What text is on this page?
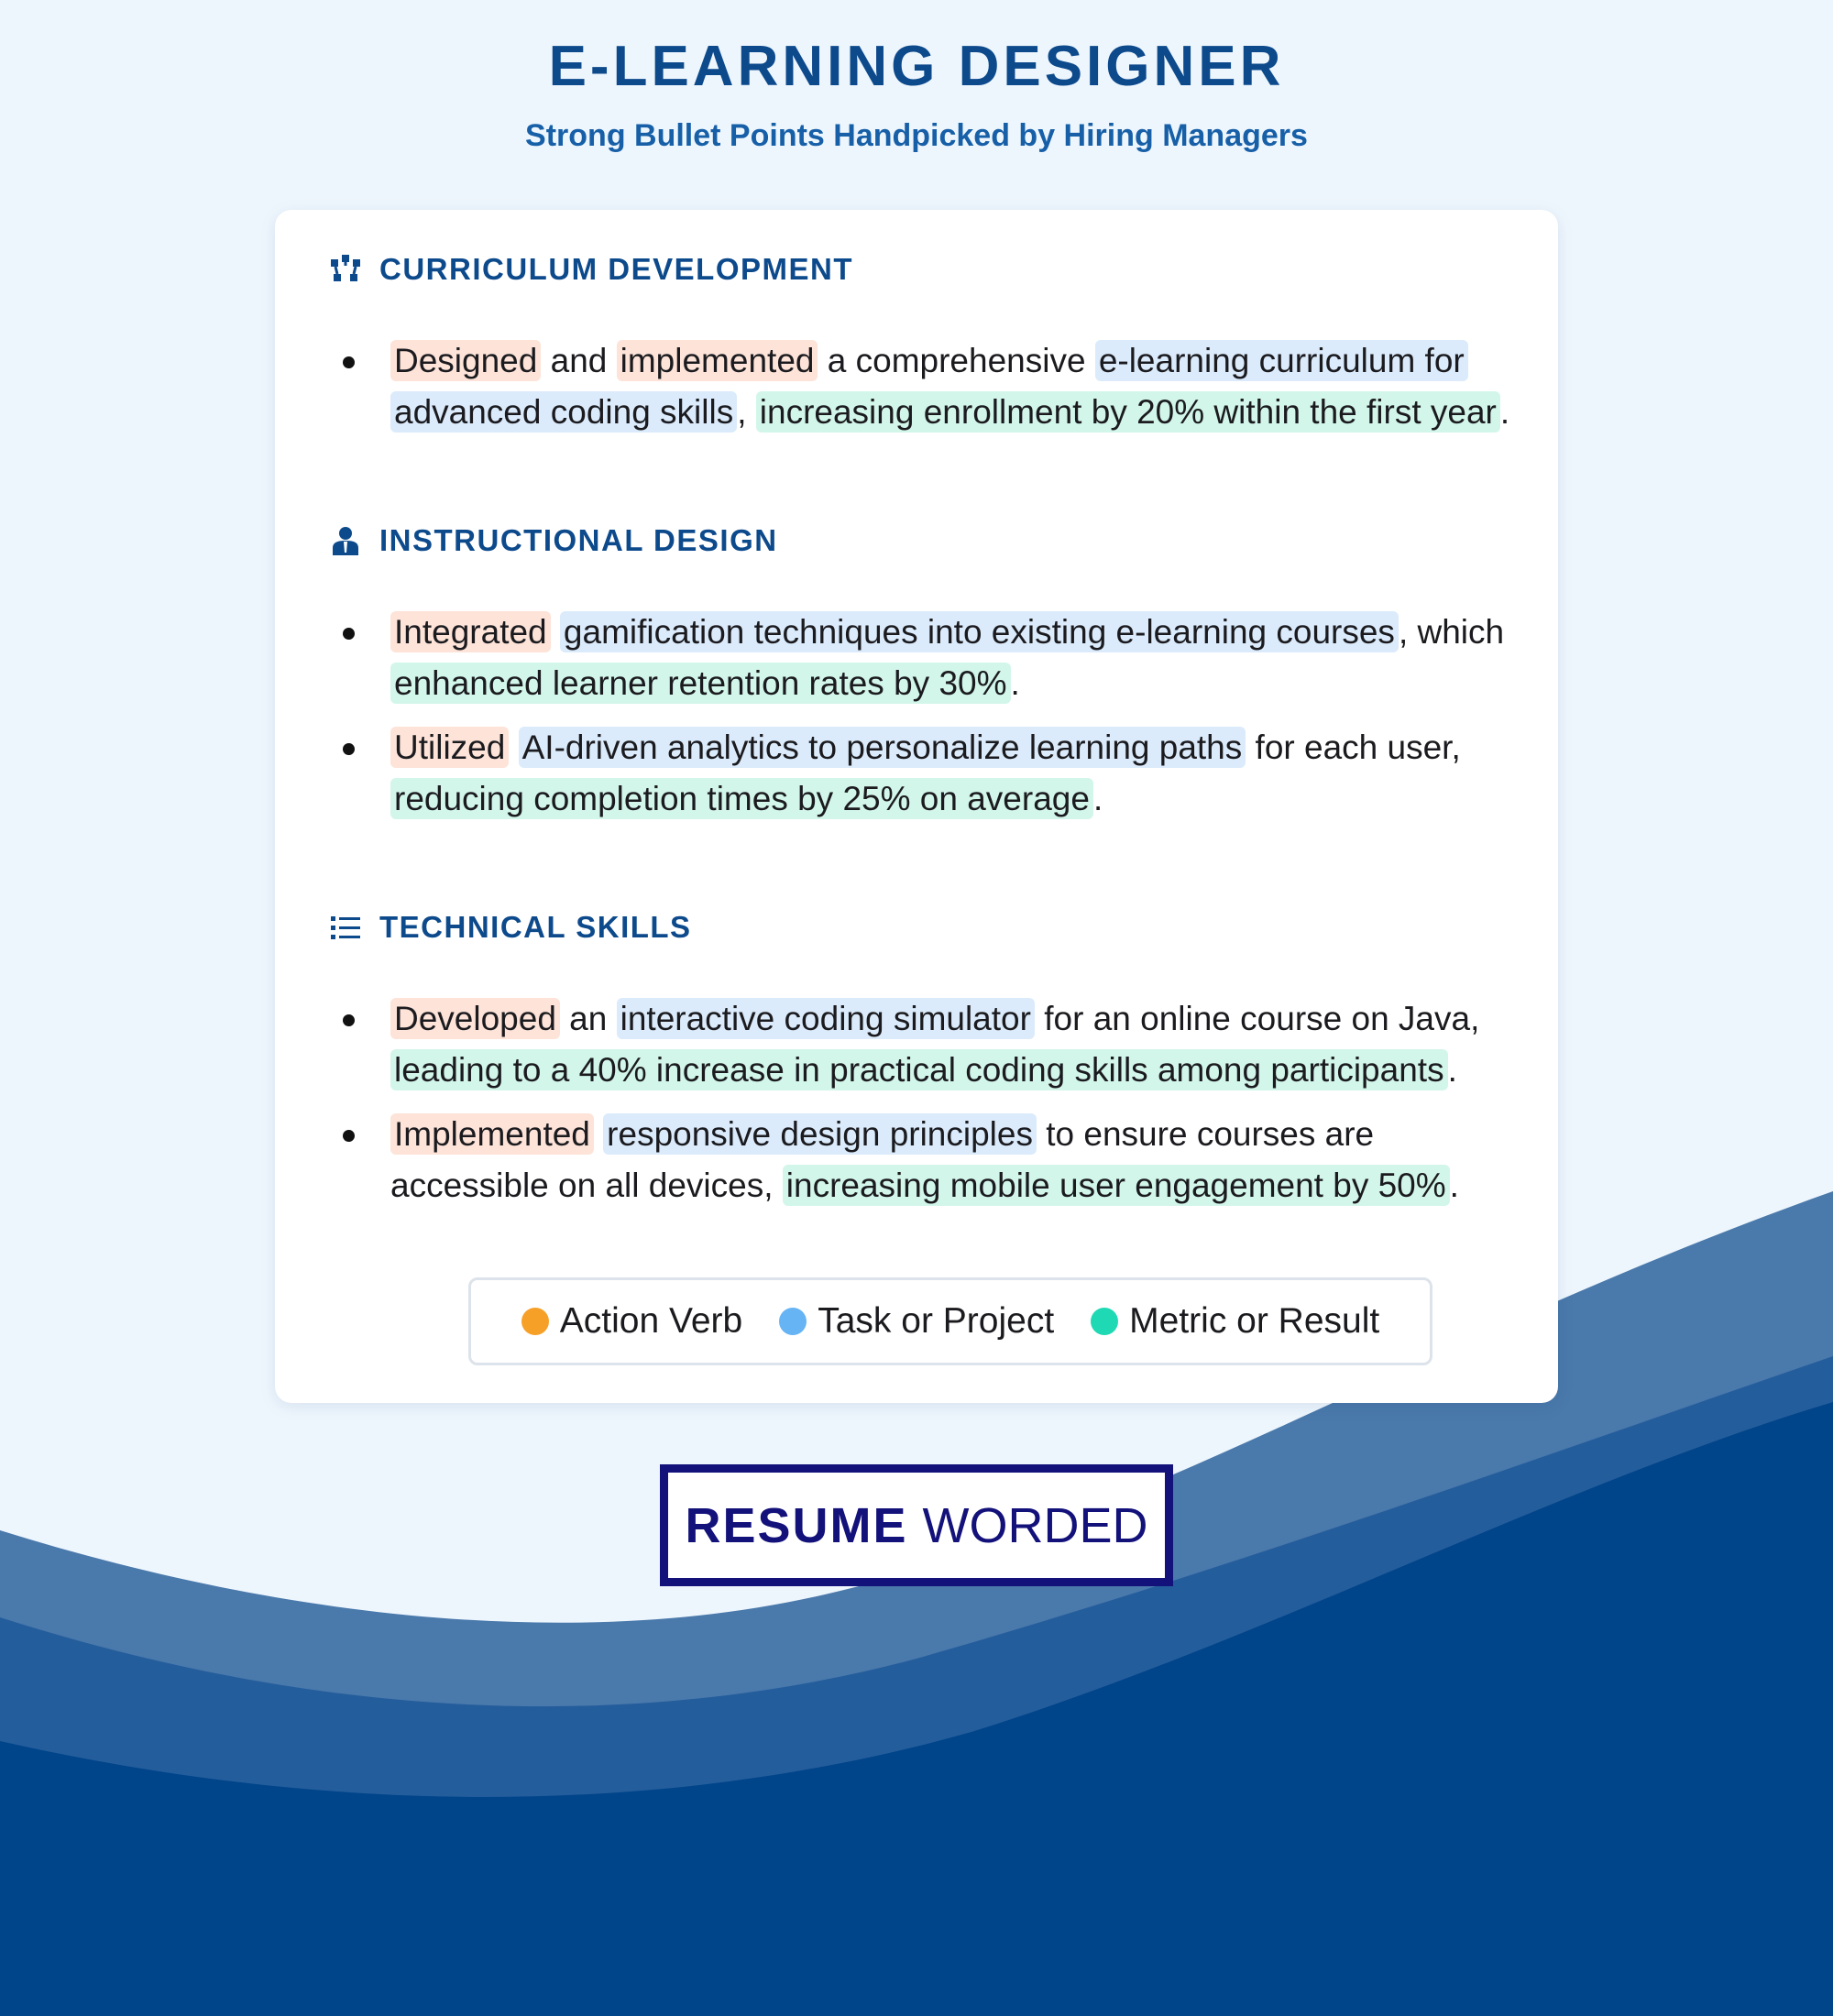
E-LEARNING DESIGNER
Strong Bullet Points Handpicked by Hiring Managers
CURRICULUM DEVELOPMENT
Designed and implemented a comprehensive e-learning curriculum for advanced coding skills , increasing enrollment by 20% within the first year .
INSTRUCTIONAL DESIGN
Integrated gamification techniques into existing e-learning courses , which enhanced learner retention rates by 30% .
Utilized AI-driven analytics to personalize learning paths for each user, reducing completion times by 25% on average .
TECHNICAL SKILLS
Developed an interactive coding simulator for an online course on Java, leading to a 40% increase in practical coding skills among participants .
Implemented responsive design principles to ensure courses are accessible on all devices, increasing mobile user engagement by 50% .
Action Verb Task or Project Metric or Result
RESUME WORDED
